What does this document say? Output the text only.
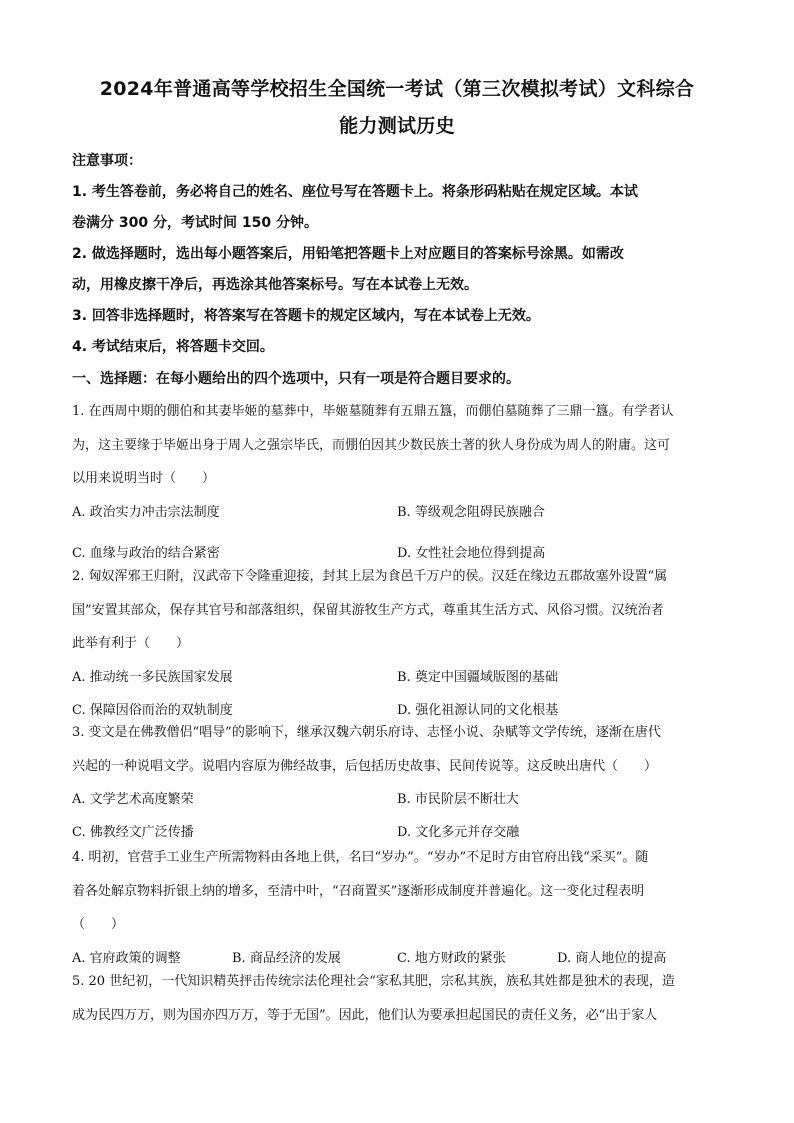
2024年普通高等学校招生全国统一考试（第三次模拟考试）文科综合
能力测试历史
注意事项：
1. 考生答卷前，务必将自己的姓名、座位号写在答题卡上。将条形码粘贴在规定区域。本试
卷满分 300 分，考试时间 150 分钟。
2. 做选择题时，选出每小题答案后，用铅笔把答题卡上对应题目的答案标号涂黑。如需改
动，用橡皮擦干净后，再选涂其他答案标号。写在本试卷上无效。
3. 回答非选择题时，将答案写在答题卡的规定区域内，写在本试卷上无效。
4. 考试结束后，将答题卡交回。
一、选择题：在每小题给出的四个选项中，只有一项是符合题目要求的。

1. 在西周中期的倗伯和其妻毕姬的墓葬中，毕姬墓随葬有五鼎五簋，而倗伯墓随葬了三鼎一簋。有学者认

为，这主要缘于毕姬出身于周人之强宗毕氏，而倗伯因其少数民族土著的狄人身份成为周人的附庸。这可

以用来说明当时（　　）

A. 政治实力冲击宗法制度	B. 等级观念阻碍民族融合
C. 血缘与政治的结合紧密	D. 女性社会地位得到提高

2. 匈奴浑邪王归附，汉武帝下令隆重迎接，封其上层为食邑千万户的侯。汉廷在缘边五郡故塞外设置“属

国”安置其部众，保存其官号和部落组织，保留其游牧生产方式，尊重其生活方式、风俗习惯。汉统治者

此举有利于（　　）

A. 推动统一多民族国家发展	B. 奠定中国疆域版图的基础
C. 保障因俗而治的双轨制度	D. 强化祖源认同的文化根基

3. 变文是在佛教僧侣“唱导”的影响下，继承汉魏六朝乐府诗、志怪小说、杂赋等文学传统，逐渐在唐代

兴起的一种说唱文学。说唱内容原为佛经故事，后包括历史故事、民间传说等。这反映出唐代（　　）

A. 文学艺术高度繁荣	B. 市民阶层不断壮大
C. 佛教经文广泛传播	D. 文化多元并存交融

4. 明初，官营手工业生产所需物料由各地上供，名曰“岁办”。“岁办”不足时方由官府出钱“采买”。随

着各处解京物料折银上纳的增多，至清中叶，“召商置买”逐渐形成制度并普遍化。这一变化过程表明

（　　）

A. 官府政策的调整	B. 商品经济的发展	C. 地方财政的紧张	D. 商人地位的提高

5. 20 世纪初，一代知识精英抨击传统宗法伦理社会“家私其肥，宗私其族，族私其姓都是独术的表现，造

成为民四万万，则为国亦四万万，等于无国”。因此，他们认为要承担起国民的责任义务，必“出于家人
